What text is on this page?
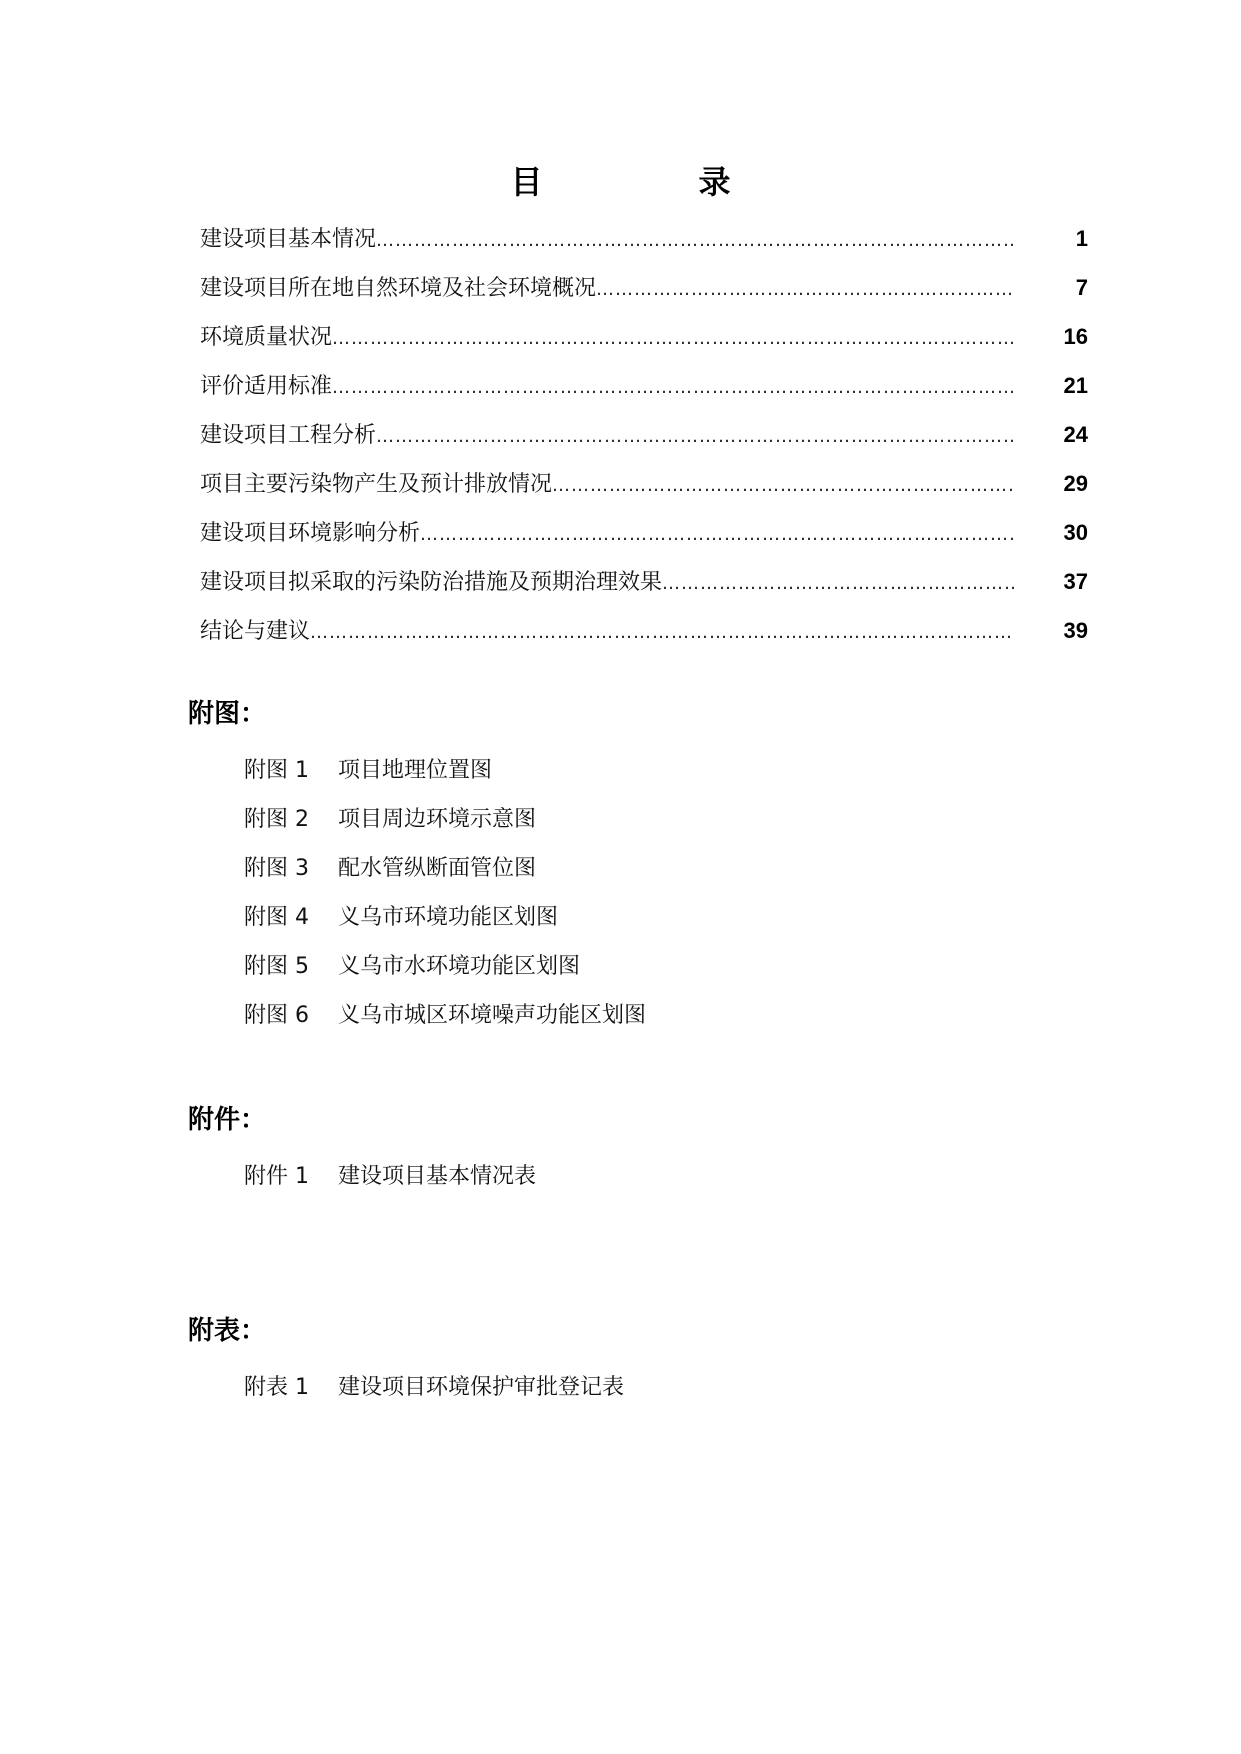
目　录
建设项目基本情况 …………………………………………………………………………………………………………………………………………………………………………………………………………	1
建设项目所在地自然环境及社会环境概况 …………………………………………………………………………………………………………………………………………………………………………………………………………	7
环境质量状况 …………………………………………………………………………………………………………………………………………………………………………………………………………	16
评价适用标准 …………………………………………………………………………………………………………………………………………………………………………………………………………	21
建设项目工程分析 …………………………………………………………………………………………………………………………………………………………………………………………………………	24
项目主要污染物产生及预计排放情况 …………………………………………………………………………………………………………………………………………………………………………………………………………	29
建设项目环境影响分析 …………………………………………………………………………………………………………………………………………………………………………………………………………	30
建设项目拟采取的污染防治措施及预期治理效果 …………………………………………………………………………………………………………………………………………………………………………………………………………	37
结论与建议 …………………………………………………………………………………………………………………………………………………………………………………………………………	39
附图：
附图 1	项目地理位置图
附图 2	项目周边环境示意图
附图 3	配水管纵断面管位图
附图 4	义乌市环境功能区划图
附图 5	义乌市水环境功能区划图
附图 6	义乌市城区环境噪声功能区划图
附件：
附件 1	建设项目基本情况表
附表：
附表 1	建设项目环境保护审批登记表
